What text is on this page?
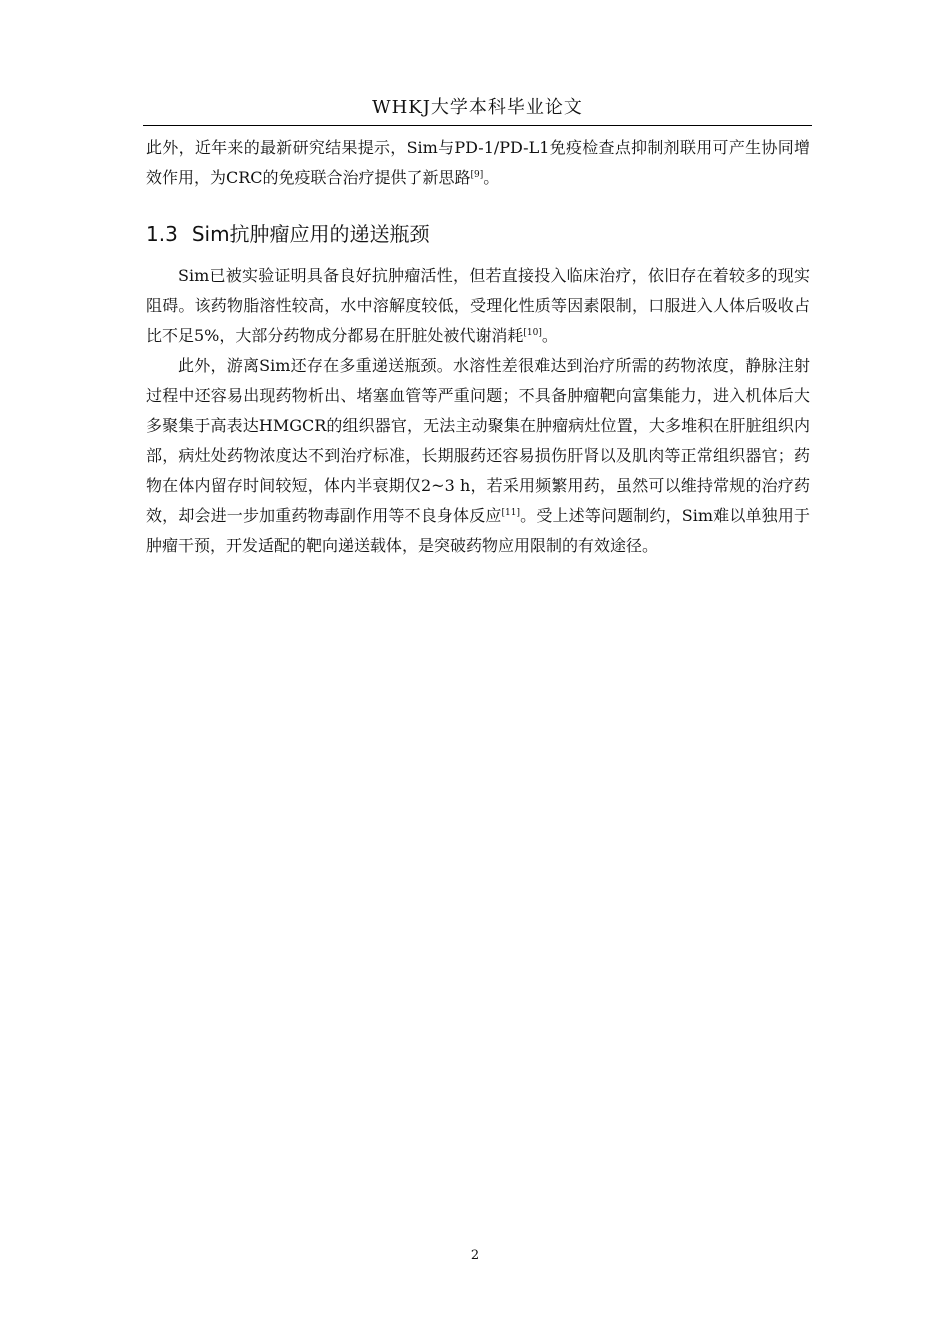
WHKJ大学本科毕业论文

此外，近年来的最新研究结果提示，Sim与PD-1/PD-L1免疫检查点抑制剂联用可产生协同增效作用，为CRC的免疫联合治疗提供了新思路[9]。

1.3 Sim抗肿瘤应用的递送瓶颈

Sim已被实验证明具备良好抗肿瘤活性，但若直接投入临床治疗，依旧存在着较多的现实阻碍。该药物脂溶性较高，水中溶解度较低，受理化性质等因素限制，口服进入人体后吸收占比不足5%，大部分药物成分都易在肝脏处被代谢消耗[10]。

此外，游离Sim还存在多重递送瓶颈。水溶性差很难达到治疗所需的药物浓度，静脉注射过程中还容易出现药物析出、堵塞血管等严重问题；不具备肿瘤靶向富集能力，进入机体后大多聚集于高表达HMGCR的组织器官，无法主动聚集在肿瘤病灶位置，大多堆积在肝脏组织内部，病灶处药物浓度达不到治疗标准，长期服药还容易损伤肝肾以及肌肉等正常组织器官；药物在体内留存时间较短，体内半衰期仅2~3 h，若采用频繁用药，虽然可以维持常规的治疗药效，却会进一步加重药物毒副作用等不良身体反应[11]。受上述等问题制约，Sim难以单独用于肿瘤干预，开发适配的靶向递送载体，是突破药物应用限制的有效途径。

2
